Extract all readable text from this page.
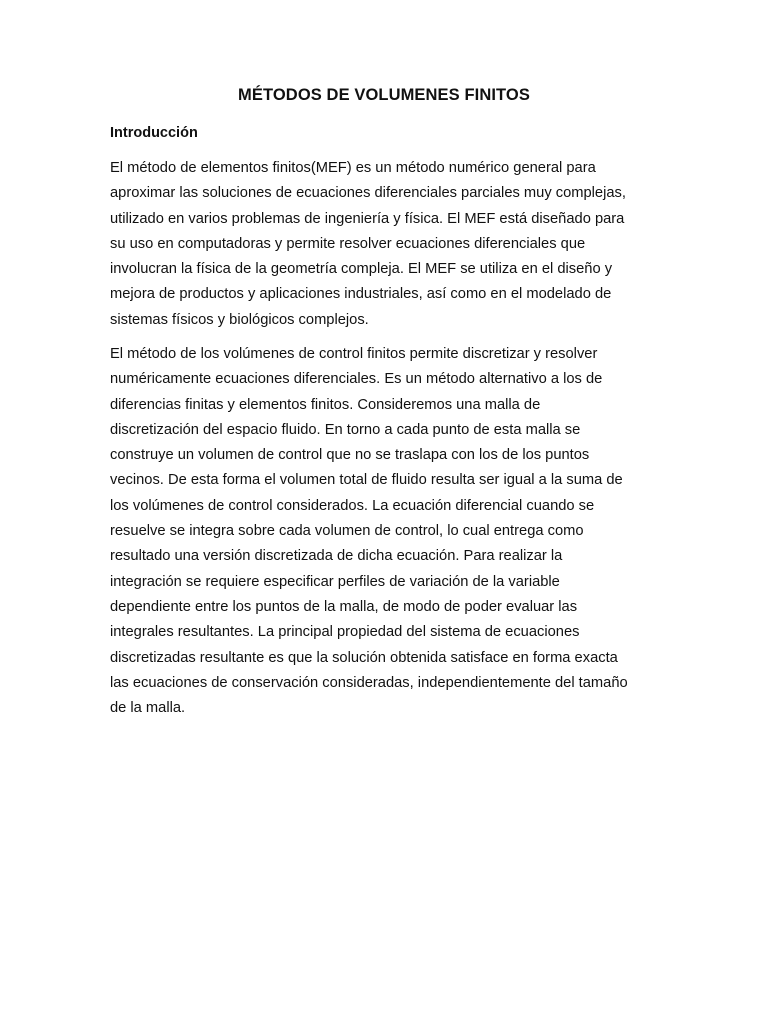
MÉTODOS DE VOLUMENES FINITOS
Introducción

El método de elementos finitos(MEF) es un método numérico general para
aproximar las soluciones de ecuaciones diferenciales parciales muy complejas,
utilizado en varios problemas de ingeniería y física. El MEF está diseñado para
su uso en computadoras y permite resolver ecuaciones diferenciales que
involucran la física de la geometría compleja. El MEF se utiliza en el diseño y
mejora de productos y aplicaciones industriales, así como en el modelado de
sistemas físicos y biológicos complejos.

El método de los volúmenes de control finitos permite discretizar y resolver
numéricamente ecuaciones diferenciales. Es un método alternativo a los de
diferencias finitas y elementos finitos. Consideremos una malla de
discretización del espacio fluido. En torno a cada punto de esta malla se
construye un volumen de control que no se traslapa con los de los puntos
vecinos. De esta forma el volumen total de fluido resulta ser igual a la suma de
los volúmenes de control considerados. La ecuación diferencial cuando se
resuelve se integra sobre cada volumen de control, lo cual entrega como
resultado una versión discretizada de dicha ecuación. Para realizar la
integración se requiere especificar perfiles de variación de la variable
dependiente entre los puntos de la malla, de modo de poder evaluar las
integrales resultantes. La principal propiedad del sistema de ecuaciones
discretizadas resultante es que la solución obtenida satisface en forma exacta
las ecuaciones de conservación consideradas, independientemente del tamaño
de la malla.
